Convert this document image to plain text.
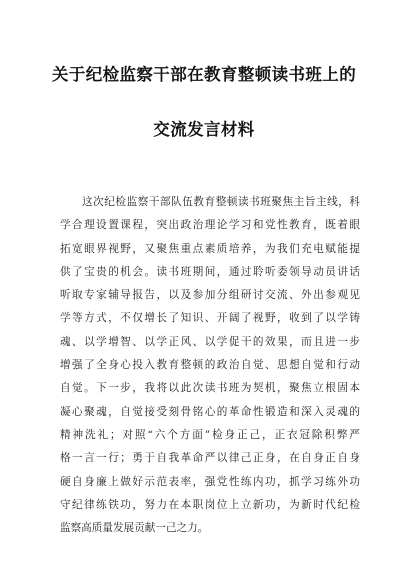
关于纪检监察干部在教育整顿读书班上的
交流发言材料
这次纪检监察干部队伍教育整顿读书班聚焦主旨主线，科
学合理设置课程，突出政治理论学习和党性教育，既着眼
拓宽眼界视野，又聚焦重点素质培养，为我们充电赋能提
供了宝贵的机会。读书班期间，通过聆听委领导动员讲话
听取专家辅导报告，以及参加分组研讨交流、外出参观见
学等方式，不仅增长了知识、开阔了视野，收到了以学铸
魂、以学增智、以学正风、以学促干的效果，而且进一步
增强了全身心投入教育整顿的政治自觉、思想自觉和行动
自觉。下一步，我将以此次读书班为契机，聚焦立根固本
凝心聚魂，自觉接受刻骨铭心的革命性锻造和深入灵魂的
精神洗礼；对照“六个方面”检身正己，正衣冠除积弊严
格一言一行；勇于自我革命严以律己正身，在自身正自身
硬自身廉上做好示范表率，强党性练内功，抓学习练外功
守纪律练铁功，努力在本职岗位上立新功，为新时代纪检
监察高质量发展贡献一己之力。
